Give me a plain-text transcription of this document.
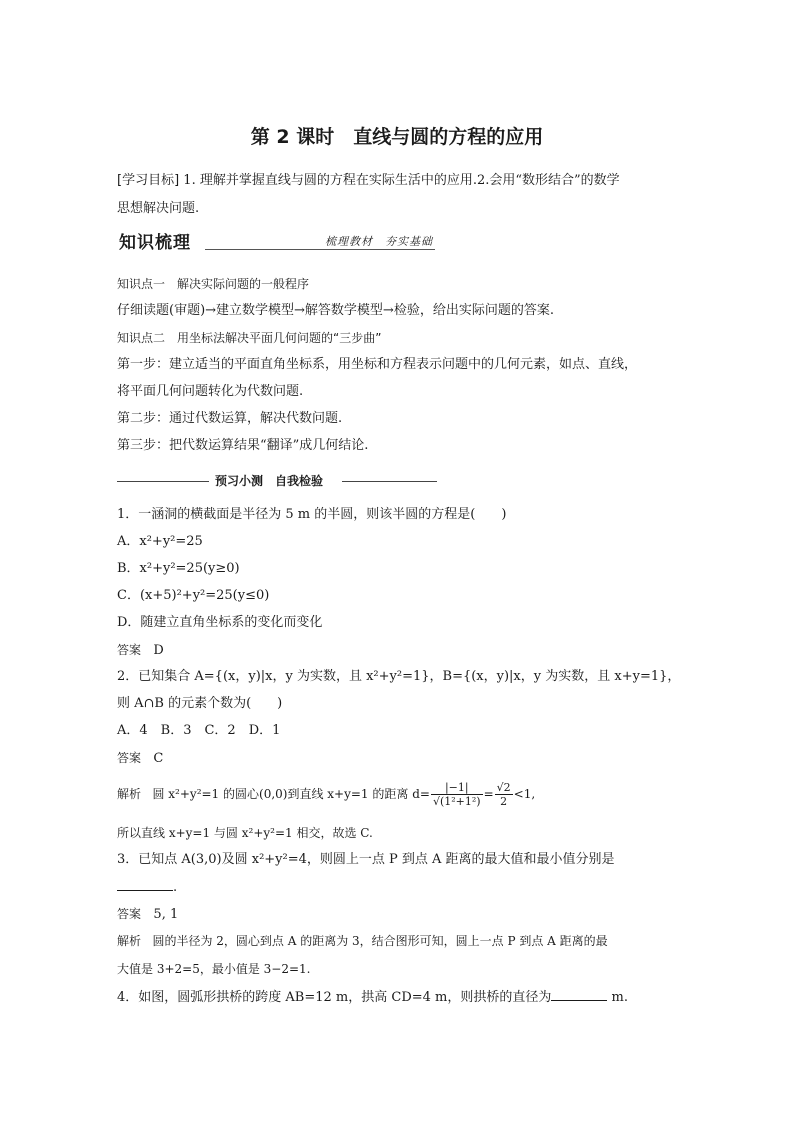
第 2 课时　直线与圆的方程的应用
[学习目标] 1. 理解并掌握直线与圆的方程在实际生活中的应用.2.会用“数形结合”的数学
思想解决问题.
知识梳理	梳理教材　夯实基础
知识点一　解决实际问题的一般程序
仔细读题(审题)→建立数学模型→解答数学模型→检验，给出实际问题的答案.
知识点二　用坐标法解决平面几何问题的“三步曲”
第一步：建立适当的平面直角坐标系，用坐标和方程表示问题中的几何元素，如点、直线，
将平面几何问题转化为代数问题.
第二步：通过代数运算，解决代数问题.
第三步：把代数运算结果“翻译”成几何结论.
预习小测　自我检验
1．一涵洞的横截面是半径为 5 m 的半圆，则该半圆的方程是(　　)
A．x²+y²=25
B．x²+y²=25(y≥0)
C．(x+5)²+y²=25(y≤0)
D．随建立直角坐标系的变化而变化
答案 D
2．已知集合 A={(x，y)|x，y 为实数，且 x²+y²=1}，B={(x，y)|x，y 为实数，且 x+y=1}，
则 A∩B 的元素个数为(　　)
A．4　B．3　C．2　D．1
答案 C
解析 圆 x²+y²=1 的圆心(0,0)到直线 x+y=1 的距离 $d= \frac{|-1|}{\text{√(1²+1²)}} = \frac{√2}{2} <1$,
所以直线 x+y=1 与圆 x²+y²=1 相交，故选 C.
3．已知点 A(3,0)及圆 x²+y²=4，则圆上一点 P 到点 A 距离的最大值和最小值分别是
.
答案 5, 1
解析 圆的半径为 2，圆心到点 A 的距离为 3，结合图形可知，圆上一点 P 到点 A 距离的最
大值是 3+2=5，最小值是 3−2=1.
4．如图，圆弧形拱桥的跨度 AB=12 m，拱高 CD=4 m，则拱桥的直径为	m.
